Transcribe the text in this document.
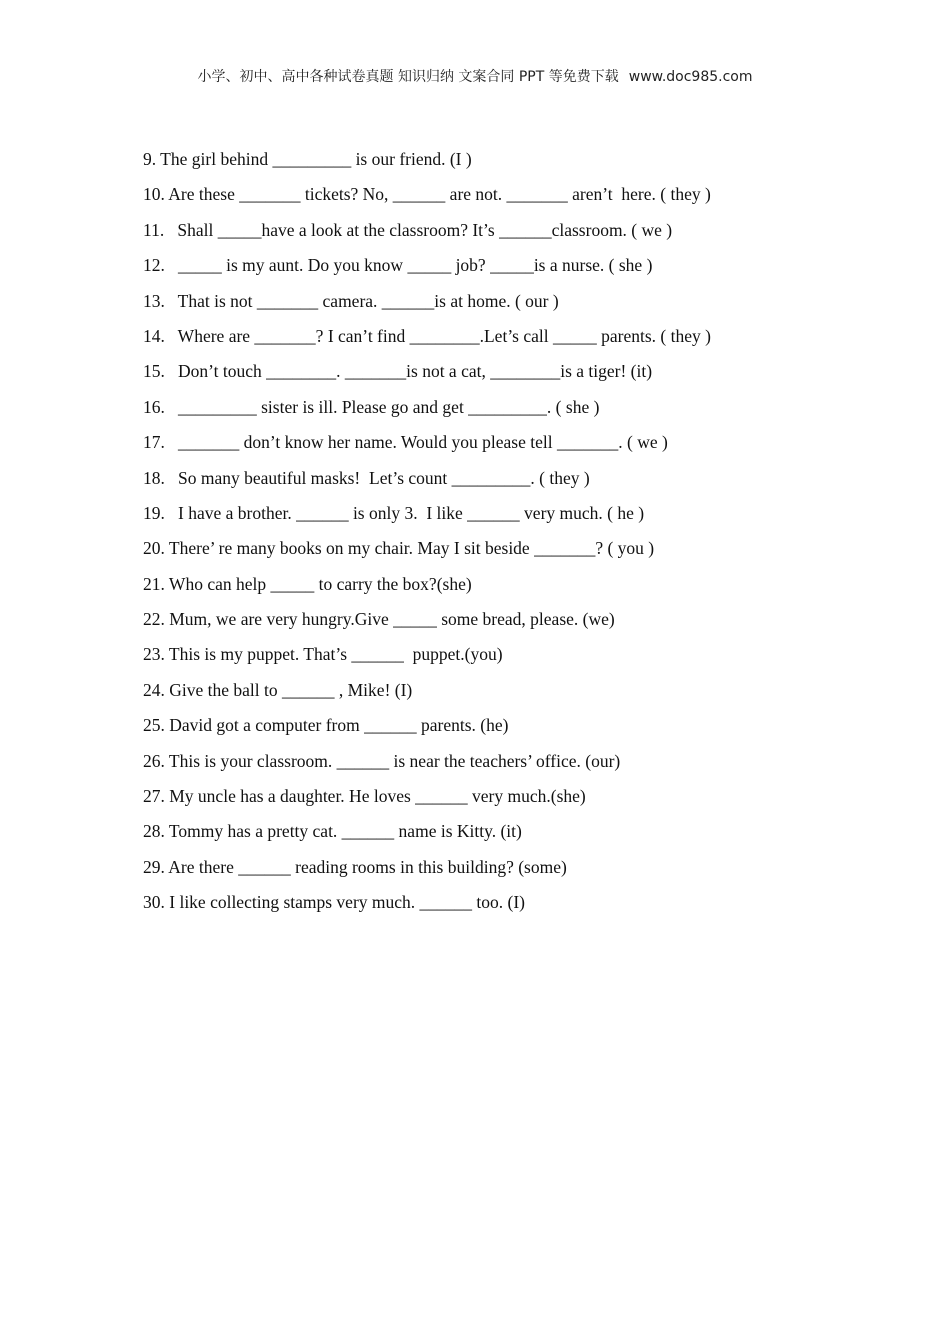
小学、初中、高中各种试卷真题 知识归纳 文案合同 PPT 等免费下载 www.doc985.com
9. The girl behind _________ is our friend. (I )
10. Are these _______ tickets? No, ______ are not. _______ aren’t  here. ( they )
11.   Shall _____have a look at the classroom? It’s ______classroom. ( we )
12.   _____ is my aunt. Do you know _____ job? _____is a nurse. ( she )
13.   That is not _______ camera. ______is at home. ( our )
14.   Where are _______? I can’t find ________.Let’s call _____ parents. ( they )
15.   Don’t touch ________. _______is not a cat, ________is a tiger! (it)
16.   _________ sister is ill. Please go and get _________. ( she )
17.   _______ don’t know her name. Would you please tell _______. ( we )
18.   So many beautiful masks!  Let’s count _________. ( they )
19.   I have a brother. ______ is only 3.  I like ______ very much. ( he )
20. There’ re many books on my chair. May I sit beside _______? ( you )
21. Who can help _____ to carry the box?(she)
22. Mum, we are very hungry.Give _____ some bread, please. (we)
23. This is my puppet. That’s ______  puppet.(you)
24. Give the ball to ______ , Mike! (I)
25. David got a computer from ______ parents. (he)
26. This is your classroom. ______ is near the teachers’ office. (our)
27. My uncle has a daughter. He loves ______ very much.(she)
28. Tommy has a pretty cat. ______ name is Kitty. (it)
29. Are there ______ reading rooms in this building? (some)
30. I like collecting stamps very much. ______ too. (I)
